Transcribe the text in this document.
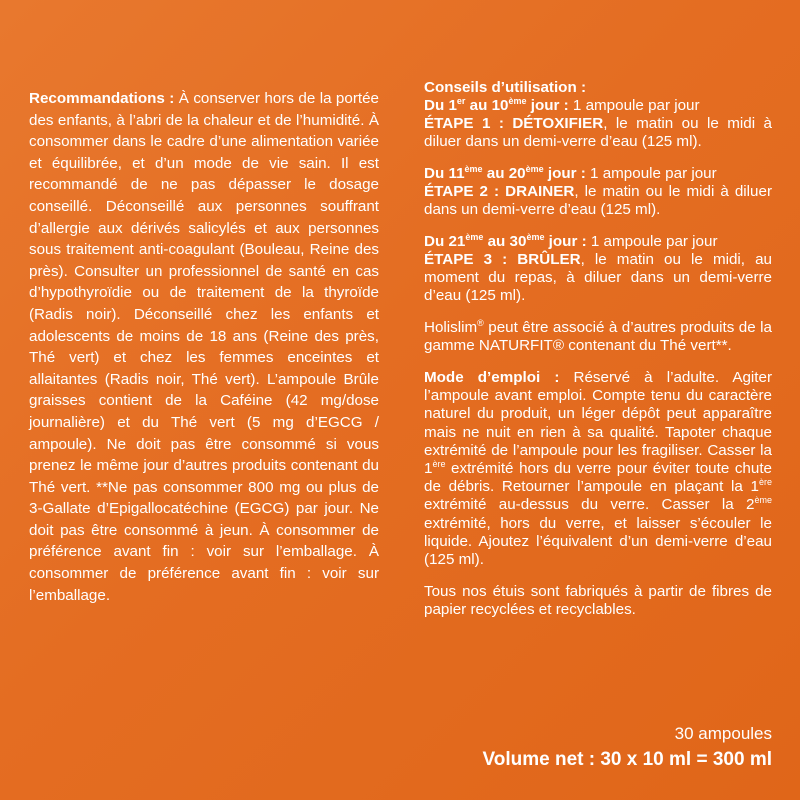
Recommandations : À conserver hors de la portée des enfants, à l’abri de la chaleur et de l’humidité. À consommer dans le cadre d’une alimentation variée et équilibrée, et d’un mode de vie sain. Il est recommandé de ne pas dépasser le dosage conseillé. Déconseillé aux personnes souffrant d’allergie aux dérivés salicylés et aux personnes sous traitement anti-coagulant (Bouleau, Reine des près). Consulter un professionnel de santé en cas d’hypothyroïdie ou de traitement de la thyroïde (Radis noir). Déconseillé chez les enfants et adolescents de moins de 18 ans (Reine des près, Thé vert) et chez les femmes enceintes et allaitantes (Radis noir, Thé vert). L’ampoule Brûle graisses contient de la Caféine (42 mg/dose journalière) et du Thé vert (5 mg d’EGCG / ampoule). Ne doit pas être consommé si vous prenez le même jour d’autres produits contenant du Thé vert. **Ne pas consommer 800 mg ou plus de 3-Gallate d’Epigallocatéchine (EGCG) par jour. Ne doit pas être consommé à jeun. À consommer de préférence avant fin : voir sur l’emballage. À consommer de préférence avant fin : voir sur l’emballage.
Conseils d’utilisation :
Du 1er au 10ème jour : 1 ampoule par jour
ÉTAPE 1 : DÉTOXIFIER, le matin ou le midi à diluer dans un demi-verre d’eau (125 ml).
Du 11ème au 20ème jour : 1 ampoule par jour
ÉTAPE 2 : DRAINER, le matin ou le midi à diluer dans un demi-verre d’eau (125 ml).
Du 21ème au 30ème jour : 1 ampoule par jour
ÉTAPE 3 : BRÛLER, le matin ou le midi, au moment du repas, à diluer dans un demi-verre d’eau (125 ml).
Holislim® peut être associé à d’autres produits de la gamme NATURFIT® contenant du Thé vert**.
Mode d’emploi : Réservé à l’adulte. Agiter l’ampoule avant emploi. Compte tenu du caractère naturel du produit, un léger dépôt peut apparaître mais ne nuit en rien à sa qualité. Tapoter chaque extrémité de l’ampoule pour les fragiliser. Casser la 1ère extrémité hors du verre pour éviter toute chute de débris. Retourner l’ampoule en plaçant la 1ère extrémité au-dessus du verre. Casser la 2ème extrémité, hors du verre, et laisser s’écouler le liquide. Ajoutez l’équivalent d’un demi-verre d’eau (125 ml).
Tous nos étuis sont fabriqués à partir de fibres de papier recyclées et recyclables.
30 ampoules
Volume net : 30 x 10 ml = 300 ml
